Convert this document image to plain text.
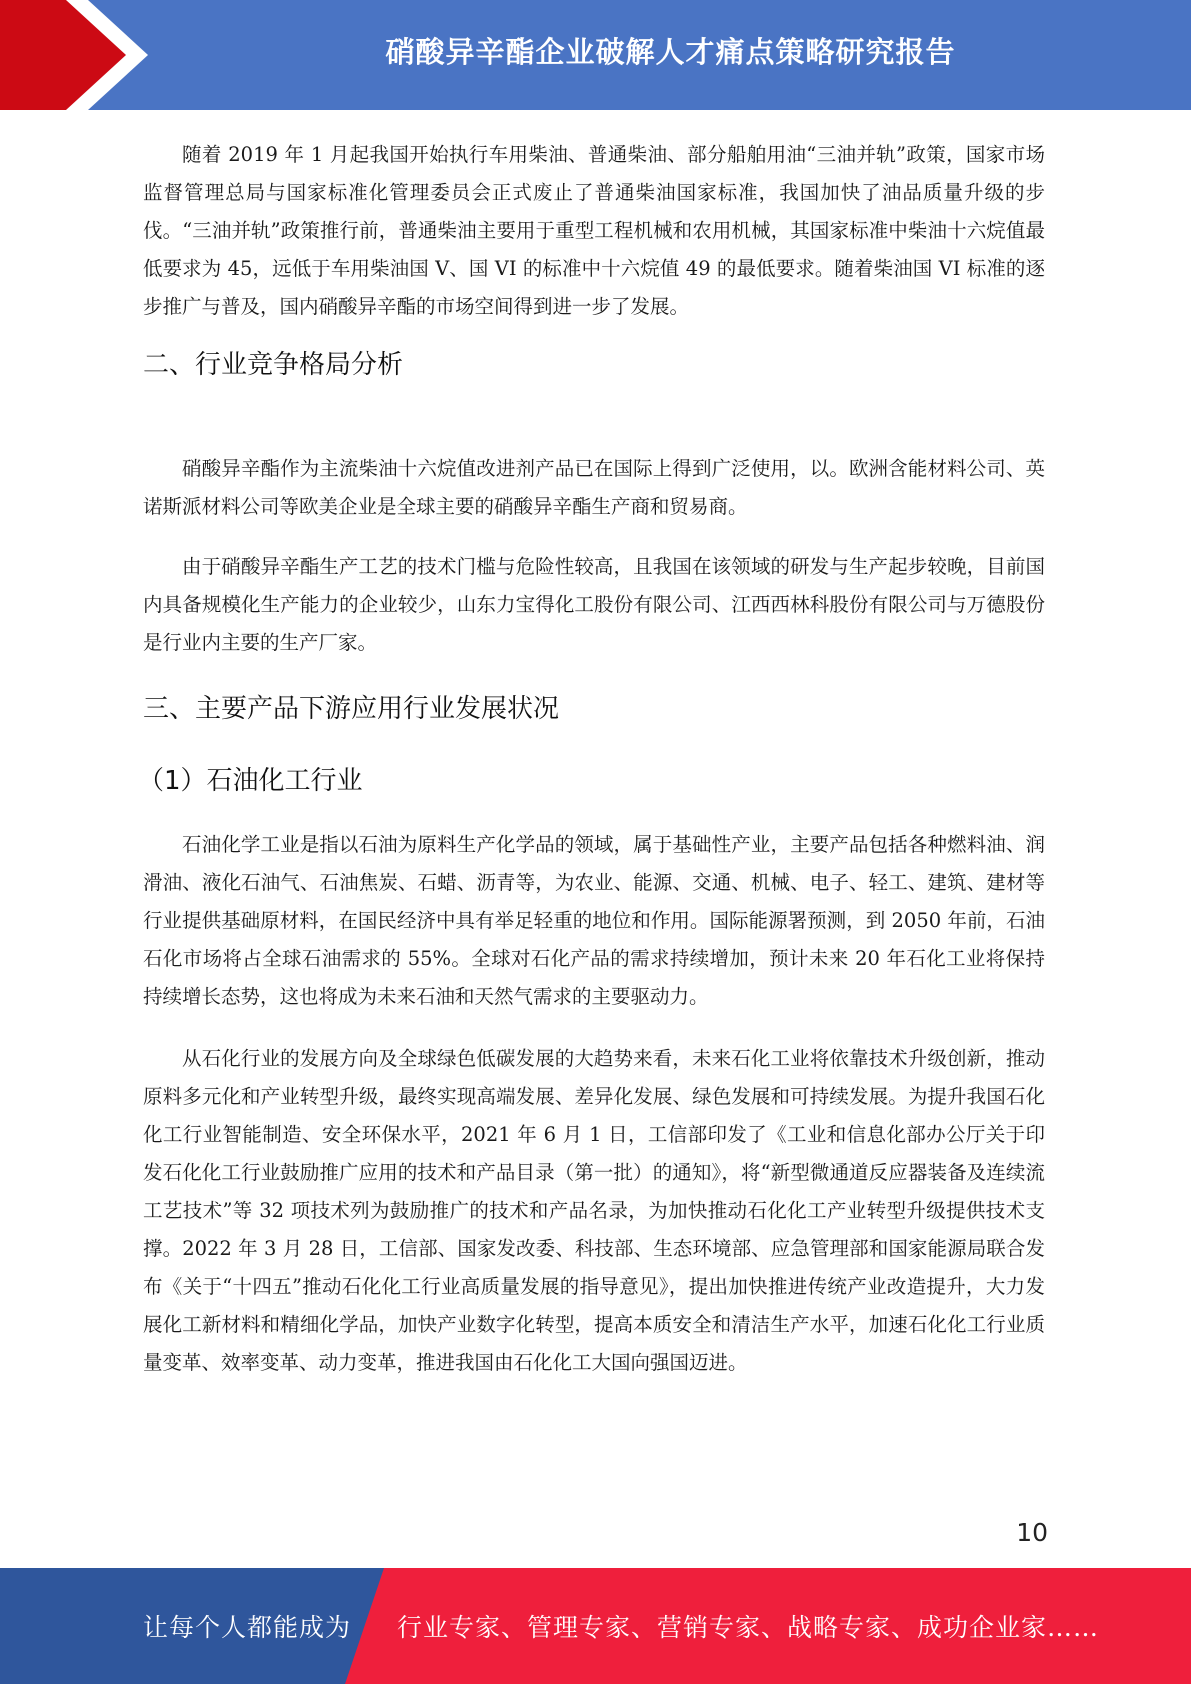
硝酸异辛酯企业破解人才痛点策略研究报告

随着 2019 年 1 月起我国开始执行车用柴油、普通柴油、部分船舶用油“三油并轨”政策，国家市场监督管理总局与国家标准化管理委员会正式废止了普通柴油国家标准，我国加快了油品质量升级的步伐。“三油并轨”政策推行前，普通柴油主要用于重型工程机械和农用机械，其国家标准中柴油十六烷值最低要求为 45，远低于车用柴油国 V、国 VI 的标准中十六烷值 49 的最低要求。随着柴油国 VI 标准的逐步推广与普及，国内硝酸异辛酯的市场空间得到进一步了发展。

二、行业竞争格局分析

硝酸异辛酯作为主流柴油十六烷值改进剂产品已在国际上得到广泛使用，以。欧洲含能材料公司、英诺斯派材料公司等欧美企业是全球主要的硝酸异辛酯生产商和贸易商。

由于硝酸异辛酯生产工艺的技术门槛与危险性较高，且我国在该领域的研发与生产起步较晚，目前国内具备规模化生产能力的企业较少，山东力宝得化工股份有限公司、江西西林科股份有限公司与万德股份是行业内主要的生产厂家。

三、主要产品下游应用行业发展状况
（1）石油化工行业

石油化学工业是指以石油为原料生产化学品的领域，属于基础性产业，主要产品包括各种燃料油、润滑油、液化石油气、石油焦炭、石蜡、沥青等，为农业、能源、交通、机械、电子、轻工、建筑、建材等行业提供基础原材料，在国民经济中具有举足轻重的地位和作用。国际能源署预测，到 2050 年前，石油石化市场将占全球石油需求的 55%。全球对石化产品的需求持续增加，预计未来 20 年石化工业将保持持续增长态势，这也将成为未来石油和天然气需求的主要驱动力。

从石化行业的发展方向及全球绿色低碳发展的大趋势来看，未来石化工业将依靠技术升级创新，推动原料多元化和产业转型升级，最终实现高端发展、差异化发展、绿色发展和可持续发展。为提升我国石化化工行业智能制造、安全环保水平，2021 年 6 月 1 日，工信部印发了《工业和信息化部办公厅关于印发石化化工行业鼓励推广应用的技术和产品目录（第一批）的通知》，将“新型微通道反应器装备及连续流工艺技术”等 32 项技术列为鼓励推广的技术和产品名录，为加快推动石化化工产业转型升级提供技术支撑。2022 年 3 月 28 日，工信部、国家发改委、科技部、生态环境部、应急管理部和国家能源局联合发布《关于“十四五”推动石化化工行业高质量发展的指导意见》，提出加快推进传统产业改造提升，大力发展化工新材料和精细化学品，加快产业数字化转型，提高本质安全和清洁生产水平，加速石化化工行业质量变革、效率变革、动力变革，推进我国由石化化工大国向强国迈进。

10
让每个人都能成为 行业专家、管理专家、营销专家、战略专家、成功企业家……
